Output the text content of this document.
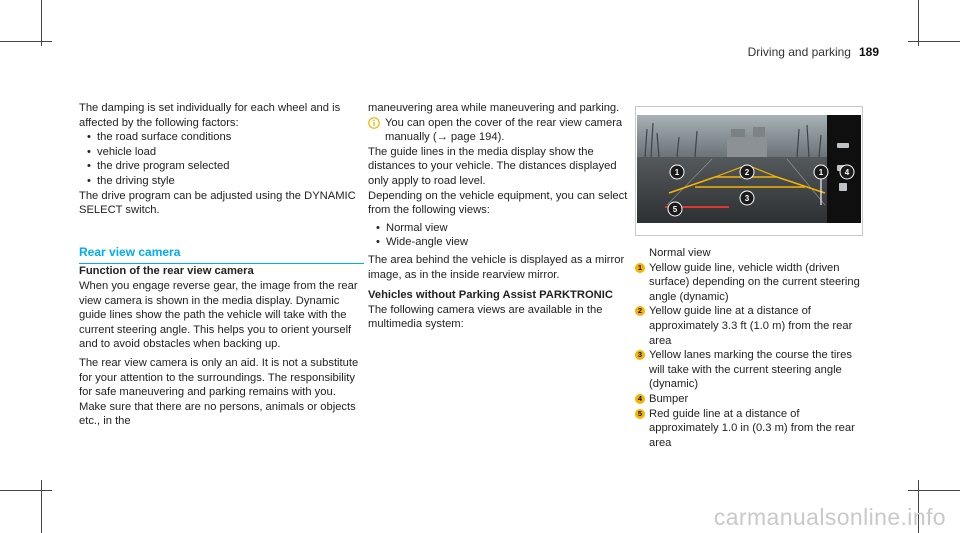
Driving and parking 189

The damping is set individually for each wheel and is affected by the following factors:

• the road surface conditions
• vehicle load
• the drive program selected
• the driving style

The drive program can be adjusted using the DYNAMIC SELECT switch.

Rear view camera

Function of the rear view camera

When you engage reverse gear, the image from the rear view camera is shown in the media display. Dynamic guide lines show the path the vehicle will take with the current steering angle. This helps you to orient yourself and to avoid obstacles when backing up.

The rear view camera is only an aid. It is not a substitute for your attention to the surroundings. The responsibility for safe maneuvering and parking remains with you. Make sure that there are no persons, animals or objects etc., in the

maneuvering area while maneuvering and parking.

You can open the cover of the rear view camera manually (→ page 194).

The guide lines in the media display show the distances to your vehicle. The distances displayed only apply to road level.

Depending on the vehicle equipment, you can select from the following views:

• Normal view
• Wide-angle view

The area behind the vehicle is displayed as a mirror image, as in the inside rearview mirror.

Vehicles without Parking Assist PARKTRONIC

The following camera views are available in the multimedia system:

1	2	1	4
3
5

Normal view

1 Yellow guide line, vehicle width (driven surface) depending on the current steering angle (dynamic)
2 Yellow guide line at a distance of approximately 3.3 ft (1.0 m) from the rear area
3 Yellow lanes marking the course the tires will take with the current steering angle (dynamic)
4 Bumper
5 Red guide line at a distance of approximately 1.0 in (0.3 m) from the rear area
carmanualsonline.info
